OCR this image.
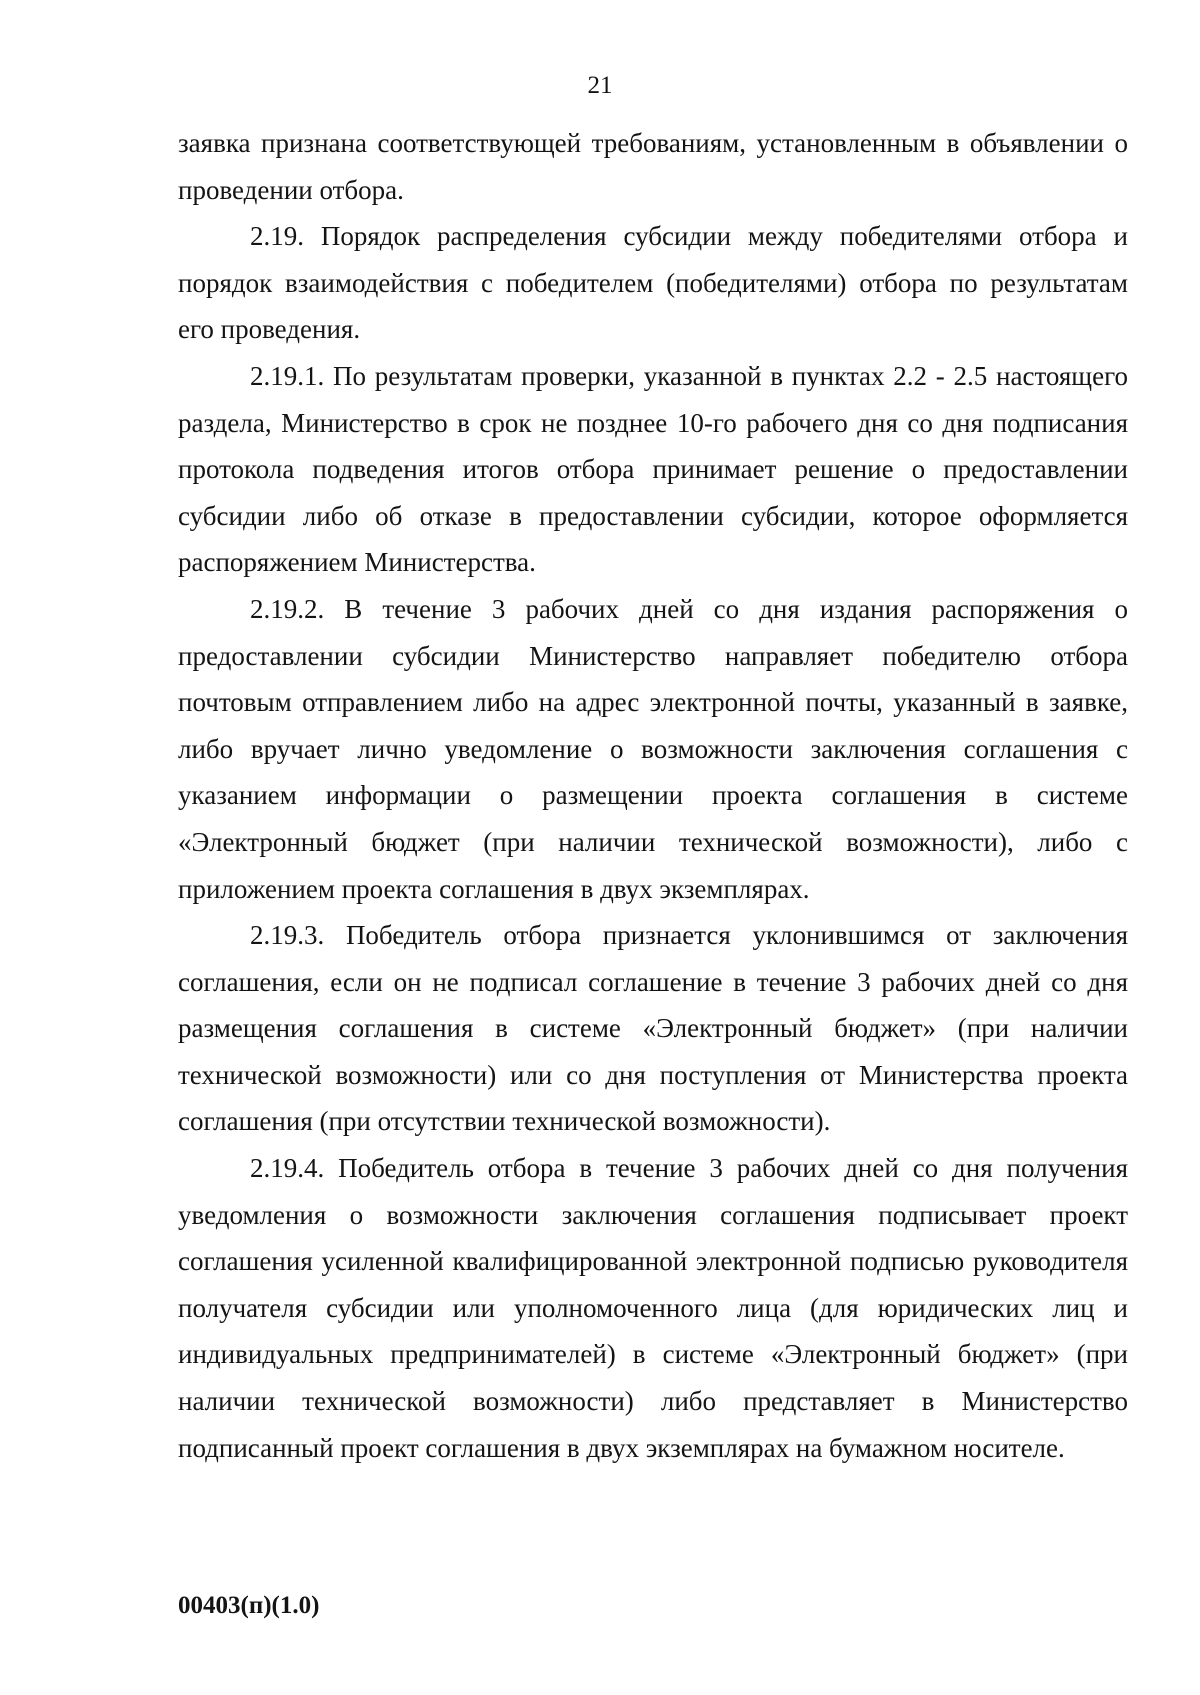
21

заявка признана соответствующей требованиям, установленным в объявлении о проведении отбора.

2.19. Порядок распределения субсидии между победителями отбора и порядок взаимодействия с победителем (победителями) отбора по результатам его проведения.

2.19.1. По результатам проверки, указанной в пунктах 2.2 - 2.5 настоящего раздела, Министерство в срок не позднее 10-го рабочего дня со дня подписания протокола подведения итогов отбора принимает решение о предоставлении субсидии либо об отказе в предоставлении субсидии, которое оформляется распоряжением Министерства.

2.19.2. В течение 3 рабочих дней со дня издания распоряжения о предоставлении субсидии Министерство направляет победителю отбора почтовым отправлением либо на адрес электронной почты, указанный в заявке, либо вручает лично уведомление о возможности заключения соглашения с указанием информации о размещении проекта соглашения в системе «Электронный бюджет (при наличии технической возможности), либо с приложением проекта соглашения в двух экземплярах.

2.19.3. Победитель отбора признается уклонившимся от заключения соглашения, если он не подписал соглашение в течение 3 рабочих дней со дня размещения соглашения в системе «Электронный бюджет» (при наличии технической возможности) или со дня поступления от Министерства проекта соглашения (при отсутствии технической возможности).

2.19.4. Победитель отбора в течение 3 рабочих дней со дня получения уведомления о возможности заключения соглашения подписывает проект соглашения усиленной квалифицированной электронной подписью руководителя получателя субсидии или уполномоченного лица (для юридических лиц и индивидуальных предпринимателей) в системе «Электронный бюджет» (при наличии технической возможности) либо представляет в Министерство подписанный проект соглашения в двух экземплярах на бумажном носителе.

00403(п)(1.0)
